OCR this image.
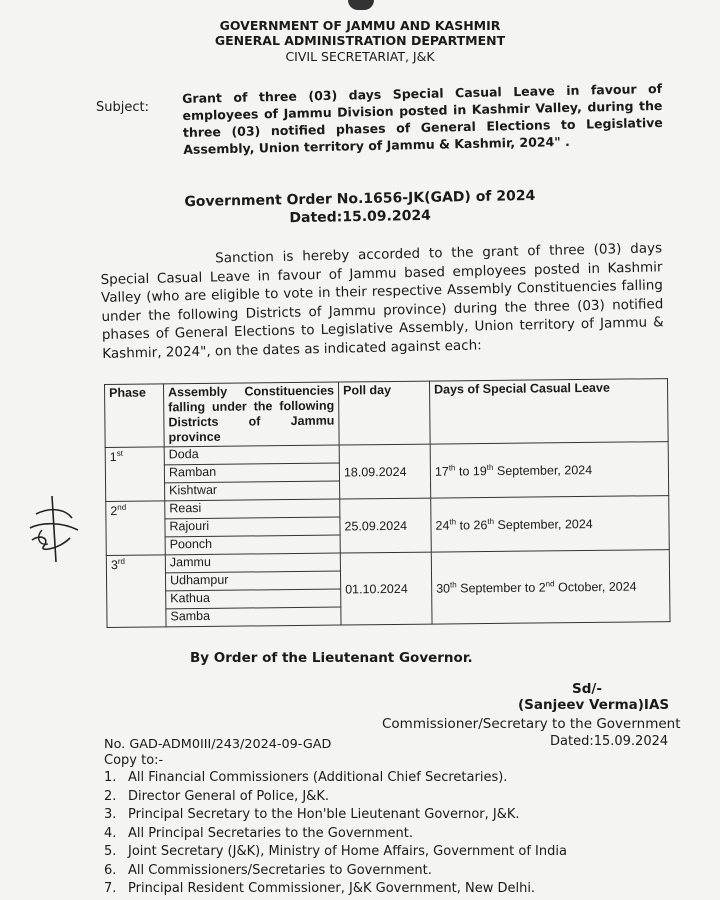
GOVERNMENT OF JAMMU AND KASHMIR
GENERAL ADMINISTRATION DEPARTMENT
CIVIL SECRETARIAT, J&K
Subject:
Grant of three (03) days Special Casual Leave in favour of employees of Jammu Division posted in Kashmir Valley, during the three (03) notified phases of General Elections to Legislative Assembly, Union territory of Jammu & Kashmir, 2024" .
Government Order No.1656-JK(GAD) of 2024
Dated:15.09.2024
Sanction is hereby accorded to the grant of three (03) days Special Casual Leave in favour of Jammu based employees posted in Kashmir Valley (who are eligible to vote in their respective Assembly Constituencies falling under the following Districts of Jammu province) during the three (03) notified phases of General Elections to Legislative Assembly, Union territory of Jammu & Kashmir, 2024", on the dates as indicated against each:
Phase	Assembly Constituencies falling under the following Districts of Jammu province	Poll day	Days of Special Casual Leave
1st	Doda	18.09.2024	17th to 19th September, 2024
	Ramban		
	Kishtwar		
2nd	Reasi	25.09.2024	24th to 26th September, 2024
	Rajouri		
	Poonch		
3rd	Jammu	01.10.2024	30th September to 2nd October, 2024
	Udhampur		
	Kathua		
	Samba		
By Order of the Lieutenant Governor.
Sd/-
(Sanjeev Verma)IAS
Commissioner/Secretary to the Government
No. GAD-ADM0III/243/2024-09-GAD	Dated:15.09.2024
Copy to:-
1. All Financial Commissioners (Additional Chief Secretaries).
2. Director General of Police, J&K.
3. Principal Secretary to the Hon'ble Lieutenant Governor, J&K.
4. All Principal Secretaries to the Government.
5. Joint Secretary (J&K), Ministry of Home Affairs, Government of India
6. All Commissioners/Secretaries to Government.
7. Principal Resident Commissioner, J&K Government, New Delhi.
